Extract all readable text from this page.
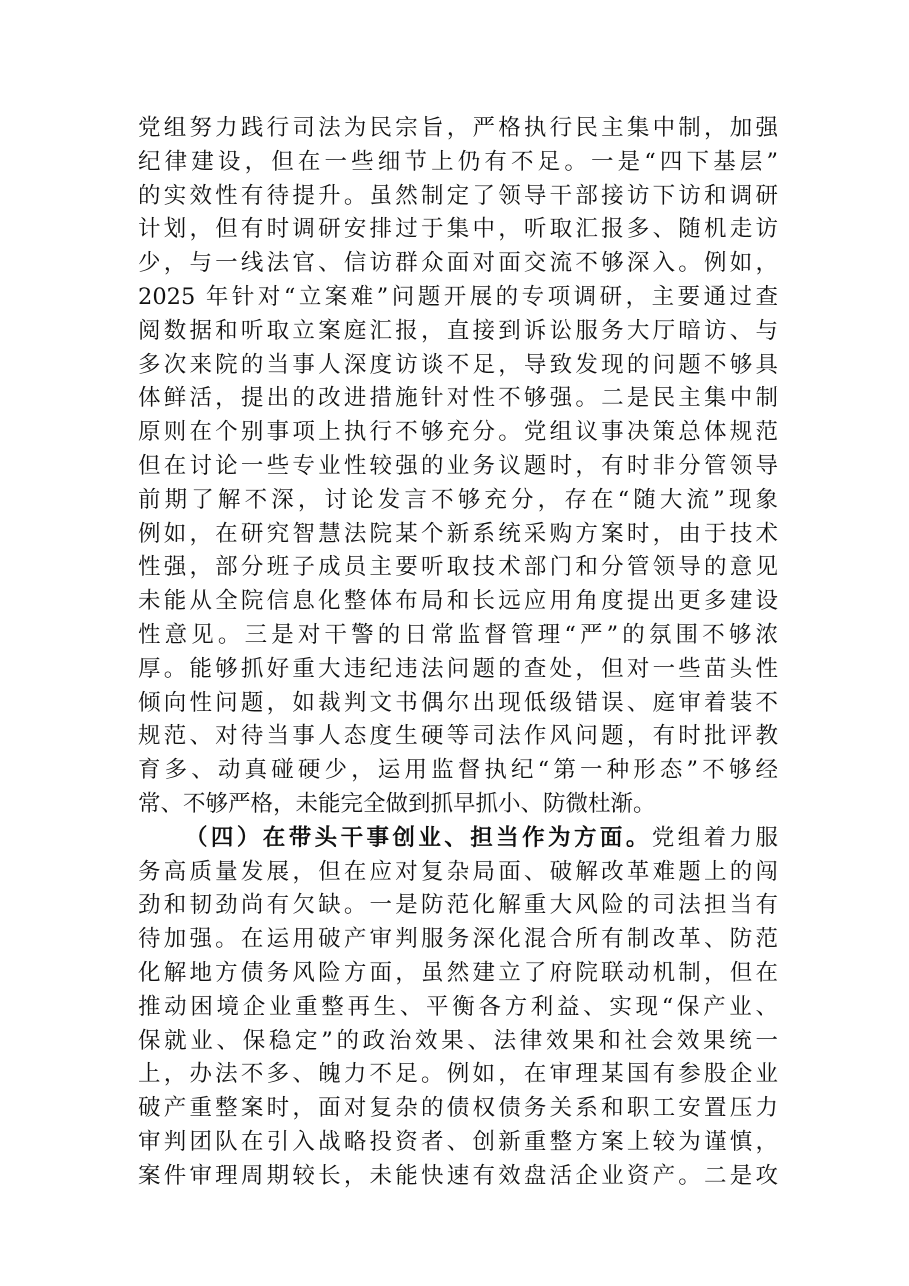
党组努力践行司法为民宗旨，严格执行民主集中制，加强
纪律建设，但在一些细节上仍有不足。一是“四下基层”
的实效性有待提升。虽然制定了领导干部接访下访和调研
计划，但有时调研安排过于集中，听取汇报多、随机走访
少，与一线法官、信访群众面对面交流不够深入。例如，
2025 年针对“立案难”问题开展的专项调研，主要通过查
阅数据和听取立案庭汇报，直接到诉讼服务大厅暗访、与
多次来院的当事人深度访谈不足，导致发现的问题不够具
体鲜活，提出的改进措施针对性不够强。二是民主集中制
原则在个别事项上执行不够充分。党组议事决策总体规范
但在讨论一些专业性较强的业务议题时，有时非分管领导
前期了解不深，讨论发言不够充分，存在“随大流”现象
例如，在研究智慧法院某个新系统采购方案时，由于技术
性强，部分班子成员主要听取技术部门和分管领导的意见
未能从全院信息化整体布局和长远应用角度提出更多建设
性意见。三是对干警的日常监督管理“严”的氛围不够浓
厚。能够抓好重大违纪违法问题的查处，但对一些苗头性
倾向性问题，如裁判文书偶尔出现低级错误、庭审着装不
规范、对待当事人态度生硬等司法作风问题，有时批评教
育多、动真碰硬少，运用监督执纪“第一种形态”不够经
常、不够严格，未能完全做到抓早抓小、防微杜渐。
（四）在带头干事创业、担当作为方面。党组着力服
务高质量发展，但在应对复杂局面、破解改革难题上的闯
劲和韧劲尚有欠缺。一是防范化解重大风险的司法担当有
待加强。在运用破产审判服务深化混合所有制改革、防范
化解地方债务风险方面，虽然建立了府院联动机制，但在
推动困境企业重整再生、平衡各方利益、实现“保产业、
保就业、保稳定”的政治效果、法律效果和社会效果统一
上，办法不多、魄力不足。例如，在审理某国有参股企业
破产重整案时，面对复杂的债权债务关系和职工安置压力
审判团队在引入战略投资者、创新重整方案上较为谨慎，
案件审理周期较长，未能快速有效盘活企业资产。二是攻
